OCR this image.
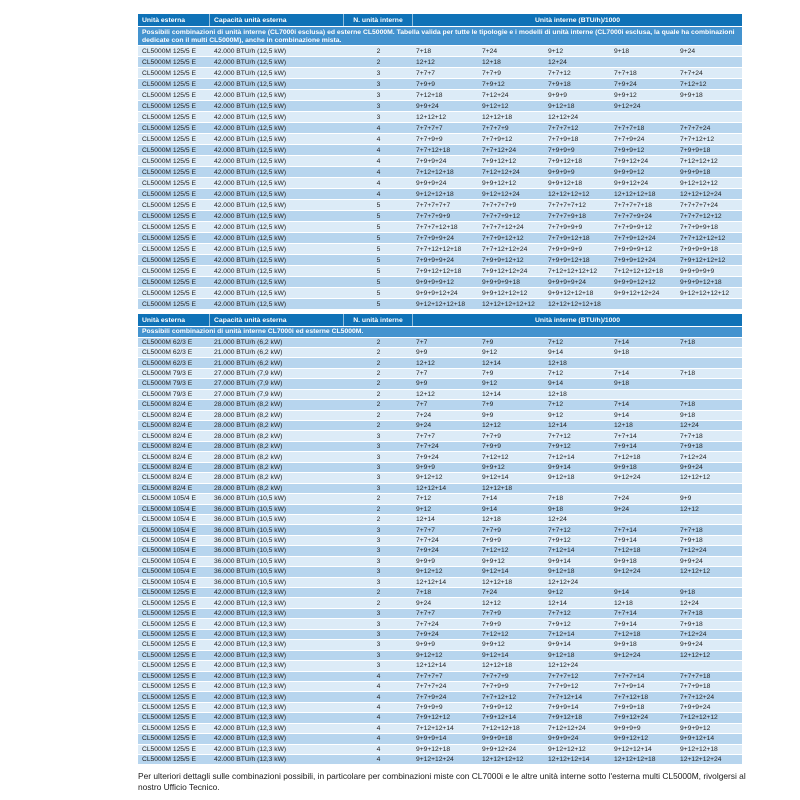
Unità esterna	Capacità unità esterna	N. unità interne	Unità interne (BTU/h)/1000
Possibili combinazioni di unità interne (CL7000i esclusa) ed esterne CL5000M. Tabella valida per tutte le tipologie e i modelli di unità interne (CL7000i esclusa, la quale ha combinazioni dedicate con il multi CL5000M), anche in combinazione mista.
CL5000M 125/5 E	42.000 BTU/h (12,5 kW)	2	7+18	7+24	9+12	9+18	9+24
CL5000M 125/5 E	42.000 BTU/h (12,5 kW)	2	12+12	12+18	12+24
CL5000M 125/5 E	42.000 BTU/h (12,5 kW)	3	7+7+7	7+7+9	7+7+12	7+7+18	7+7+24
CL5000M 125/5 E	42.000 BTU/h (12,5 kW)	3	7+9+9	7+9+12	7+9+18	7+9+24	7+12+12
CL5000M 125/5 E	42.000 BTU/h (12,5 kW)	3	7+12+18	7+12+24	9+9+9	9+9+12	9+9+18
CL5000M 125/5 E	42.000 BTU/h (12,5 kW)	3	9+9+24	9+12+12	9+12+18	9+12+24
CL5000M 125/5 E	42.000 BTU/h (12,5 kW)	3	12+12+12	12+12+18	12+12+24
CL5000M 125/5 E	42.000 BTU/h (12,5 kW)	4	7+7+7+7	7+7+7+9	7+7+7+12	7+7+7+18	7+7+7+24
CL5000M 125/5 E	42.000 BTU/h (12,5 kW)	4	7+7+9+9	7+7+9+12	7+7+9+18	7+7+9+24	7+7+12+12
CL5000M 125/5 E	42.000 BTU/h (12,5 kW)	4	7+7+12+18	7+7+12+24	7+9+9+9	7+9+9+12	7+9+9+18
CL5000M 125/5 E	42.000 BTU/h (12,5 kW)	4	7+9+9+24	7+9+12+12	7+9+12+18	7+9+12+24	7+12+12+12
CL5000M 125/5 E	42.000 BTU/h (12,5 kW)	4	7+12+12+18	7+12+12+24	9+9+9+9	9+9+9+12	9+9+9+18
CL5000M 125/5 E	42.000 BTU/h (12,5 kW)	4	9+9+9+24	9+9+12+12	9+9+12+18	9+9+12+24	9+12+12+12
CL5000M 125/5 E	42.000 BTU/h (12,5 kW)	4	9+12+12+18	9+12+12+24	12+12+12+12	12+12+12+18	12+12+12+24
CL5000M 125/5 E	42.000 BTU/h (12,5 kW)	5	7+7+7+7+7	7+7+7+7+9	7+7+7+7+12	7+7+7+7+18	7+7+7+7+24
CL5000M 125/5 E	42.000 BTU/h (12,5 kW)	5	7+7+7+9+9	7+7+7+9+12	7+7+7+9+18	7+7+7+9+24	7+7+7+12+12
CL5000M 125/5 E	42.000 BTU/h (12,5 kW)	5	7+7+7+12+18	7+7+7+12+24	7+7+9+9+9	7+7+9+9+12	7+7+9+9+18
CL5000M 125/5 E	42.000 BTU/h (12,5 kW)	5	7+7+9+9+24	7+7+9+12+12	7+7+9+12+18	7+7+9+12+24	7+7+12+12+12
CL5000M 125/5 E	42.000 BTU/h (12,5 kW)	5	7+7+12+12+18	7+7+12+12+24	7+9+9+9+9	7+9+9+9+12	7+9+9+9+18
CL5000M 125/5 E	42.000 BTU/h (12,5 kW)	5	7+9+9+9+24	7+9+9+12+12	7+9+9+12+18	7+9+9+12+24	7+9+12+12+12
CL5000M 125/5 E	42.000 BTU/h (12,5 kW)	5	7+9+12+12+18	7+9+12+12+24	7+12+12+12+12	7+12+12+12+18	9+9+9+9+9
CL5000M 125/5 E	42.000 BTU/h (12,5 kW)	5	9+9+9+9+12	9+9+9+9+18	9+9+9+9+24	9+9+9+12+12	9+9+9+12+18
CL5000M 125/5 E	42.000 BTU/h (12,5 kW)	5	9+9+9+12+24	9+9+12+12+12	9+9+12+12+18	9+9+12+12+24	9+12+12+12+12
CL5000M 125/5 E	42.000 BTU/h (12,5 kW)	5	9+12+12+12+18	12+12+12+12+12	12+12+12+12+18
Unità esterna	Capacità unità esterna	N. unità interne	Unità interne (BTU/h)/1000
Possibili combinazioni di unità interne CL7000i ed esterne CL5000M.
CL5000M 62/3 E	21.000 BTU/h (6,2 kW)	2	7+7	7+9	7+12	7+14	7+18
CL5000M 62/3 E	21.000 BTU/h (6,2 kW)	2	9+9	9+12	9+14	9+18
CL5000M 62/3 E	21.000 BTU/h (6,2 kW)	2	12+12	12+14	12+18
CL5000M 79/3 E	27.000 BTU/h (7,9 kW)	2	7+7	7+9	7+12	7+14	7+18
CL5000M 79/3 E	27.000 BTU/h (7,9 kW)	2	9+9	9+12	9+14	9+18
CL5000M 79/3 E	27.000 BTU/h (7,9 kW)	2	12+12	12+14	12+18
CL5000M 82/4 E	28.000 BTU/h (8,2 kW)	2	7+7	7+9	7+12	7+14	7+18
CL5000M 82/4 E	28.000 BTU/h (8,2 kW)	2	7+24	9+9	9+12	9+14	9+18
CL5000M 82/4 E	28.000 BTU/h (8,2 kW)	2	9+24	12+12	12+14	12+18	12+24
CL5000M 82/4 E	28.000 BTU/h (8,2 kW)	3	7+7+7	7+7+9	7+7+12	7+7+14	7+7+18
CL5000M 82/4 E	28.000 BTU/h (8,2 kW)	3	7+7+24	7+9+9	7+9+12	7+9+14	7+9+18
CL5000M 82/4 E	28.000 BTU/h (8,2 kW)	3	7+9+24	7+12+12	7+12+14	7+12+18	7+12+24
CL5000M 82/4 E	28.000 BTU/h (8,2 kW)	3	9+9+9	9+9+12	9+9+14	9+9+18	9+9+24
CL5000M 82/4 E	28.000 BTU/h (8,2 kW)	3	9+12+12	9+12+14	9+12+18	9+12+24	12+12+12
CL5000M 82/4 E	28.000 BTU/h (8,2 kW)	3	12+12+14	12+12+18
CL5000M 105/4 E	36.000 BTU/h (10,5 kW)	2	7+12	7+14	7+18	7+24	9+9
CL5000M 105/4 E	36.000 BTU/h (10,5 kW)	2	9+12	9+14	9+18	9+24	12+12
CL5000M 105/4 E	36.000 BTU/h (10,5 kW)	2	12+14	12+18	12+24
CL5000M 105/4 E	36.000 BTU/h (10,5 kW)	3	7+7+7	7+7+9	7+7+12	7+7+14	7+7+18
CL5000M 105/4 E	36.000 BTU/h (10,5 kW)	3	7+7+24	7+9+9	7+9+12	7+9+14	7+9+18
CL5000M 105/4 E	36.000 BTU/h (10,5 kW)	3	7+9+24	7+12+12	7+12+14	7+12+18	7+12+24
CL5000M 105/4 E	36.000 BTU/h (10,5 kW)	3	9+9+9	9+9+12	9+9+14	9+9+18	9+9+24
CL5000M 105/4 E	36.000 BTU/h (10,5 kW)	3	9+12+12	9+12+14	9+12+18	9+12+24	12+12+12
CL5000M 105/4 E	36.000 BTU/h (10,5 kW)	3	12+12+14	12+12+18	12+12+24
CL5000M 125/5 E	42.000 BTU/h (12,3 kW)	2	7+18	7+24	9+12	9+14	9+18
CL5000M 125/5 E	42.000 BTU/h (12,3 kW)	2	9+24	12+12	12+14	12+18	12+24
CL5000M 125/5 E	42.000 BTU/h (12,3 kW)	3	7+7+7	7+7+9	7+7+12	7+7+14	7+7+18
CL5000M 125/5 E	42.000 BTU/h (12,3 kW)	3	7+7+24	7+9+9	7+9+12	7+9+14	7+9+18
CL5000M 125/5 E	42.000 BTU/h (12,3 kW)	3	7+9+24	7+12+12	7+12+14	7+12+18	7+12+24
CL5000M 125/5 E	42.000 BTU/h (12,3 kW)	3	9+9+9	9+9+12	9+9+14	9+9+18	9+9+24
CL5000M 125/5 E	42.000 BTU/h (12,3 kW)	3	9+12+12	9+12+14	9+12+18	9+12+24	12+12+12
CL5000M 125/5 E	42.000 BTU/h (12,3 kW)	3	12+12+14	12+12+18	12+12+24
CL5000M 125/5 E	42.000 BTU/h (12,3 kW)	4	7+7+7+7	7+7+7+9	7+7+7+12	7+7+7+14	7+7+7+18
CL5000M 125/5 E	42.000 BTU/h (12,3 kW)	4	7+7+7+24	7+7+9+9	7+7+9+12	7+7+9+14	7+7+9+18
CL5000M 125/5 E	42.000 BTU/h (12,3 kW)	4	7+7+9+24	7+7+12+12	7+7+12+14	7+7+12+18	7+7+12+24
CL5000M 125/5 E	42.000 BTU/h (12,3 kW)	4	7+9+9+9	7+9+9+12	7+9+9+14	7+9+9+18	7+9+9+24
CL5000M 125/5 E	42.000 BTU/h (12,3 kW)	4	7+9+12+12	7+9+12+14	7+9+12+18	7+9+12+24	7+12+12+12
CL5000M 125/5 E	42.000 BTU/h (12,3 kW)	4	7+12+12+14	7+12+12+18	7+12+12+24	9+9+9+9	9+9+9+12
CL5000M 125/5 E	42.000 BTU/h (12,3 kW)	4	9+9+9+14	9+9+9+18	9+9+9+24	9+9+12+12	9+9+12+14
CL5000M 125/5 E	42.000 BTU/h (12,3 kW)	4	9+9+12+18	9+9+12+24	9+12+12+12	9+12+12+14	9+12+12+18
CL5000M 125/5 E	42.000 BTU/h (12,3 kW)	4	9+12+12+24	12+12+12+12	12+12+12+14	12+12+12+18	12+12+12+24
Per ulteriori dettagli sulle combinazioni possibili, in particolare per combinazioni miste con CL7000i e le altre unità interne sotto l'esterna multi CL5000M, rivolgersi al nostro Ufficio Tecnico.
